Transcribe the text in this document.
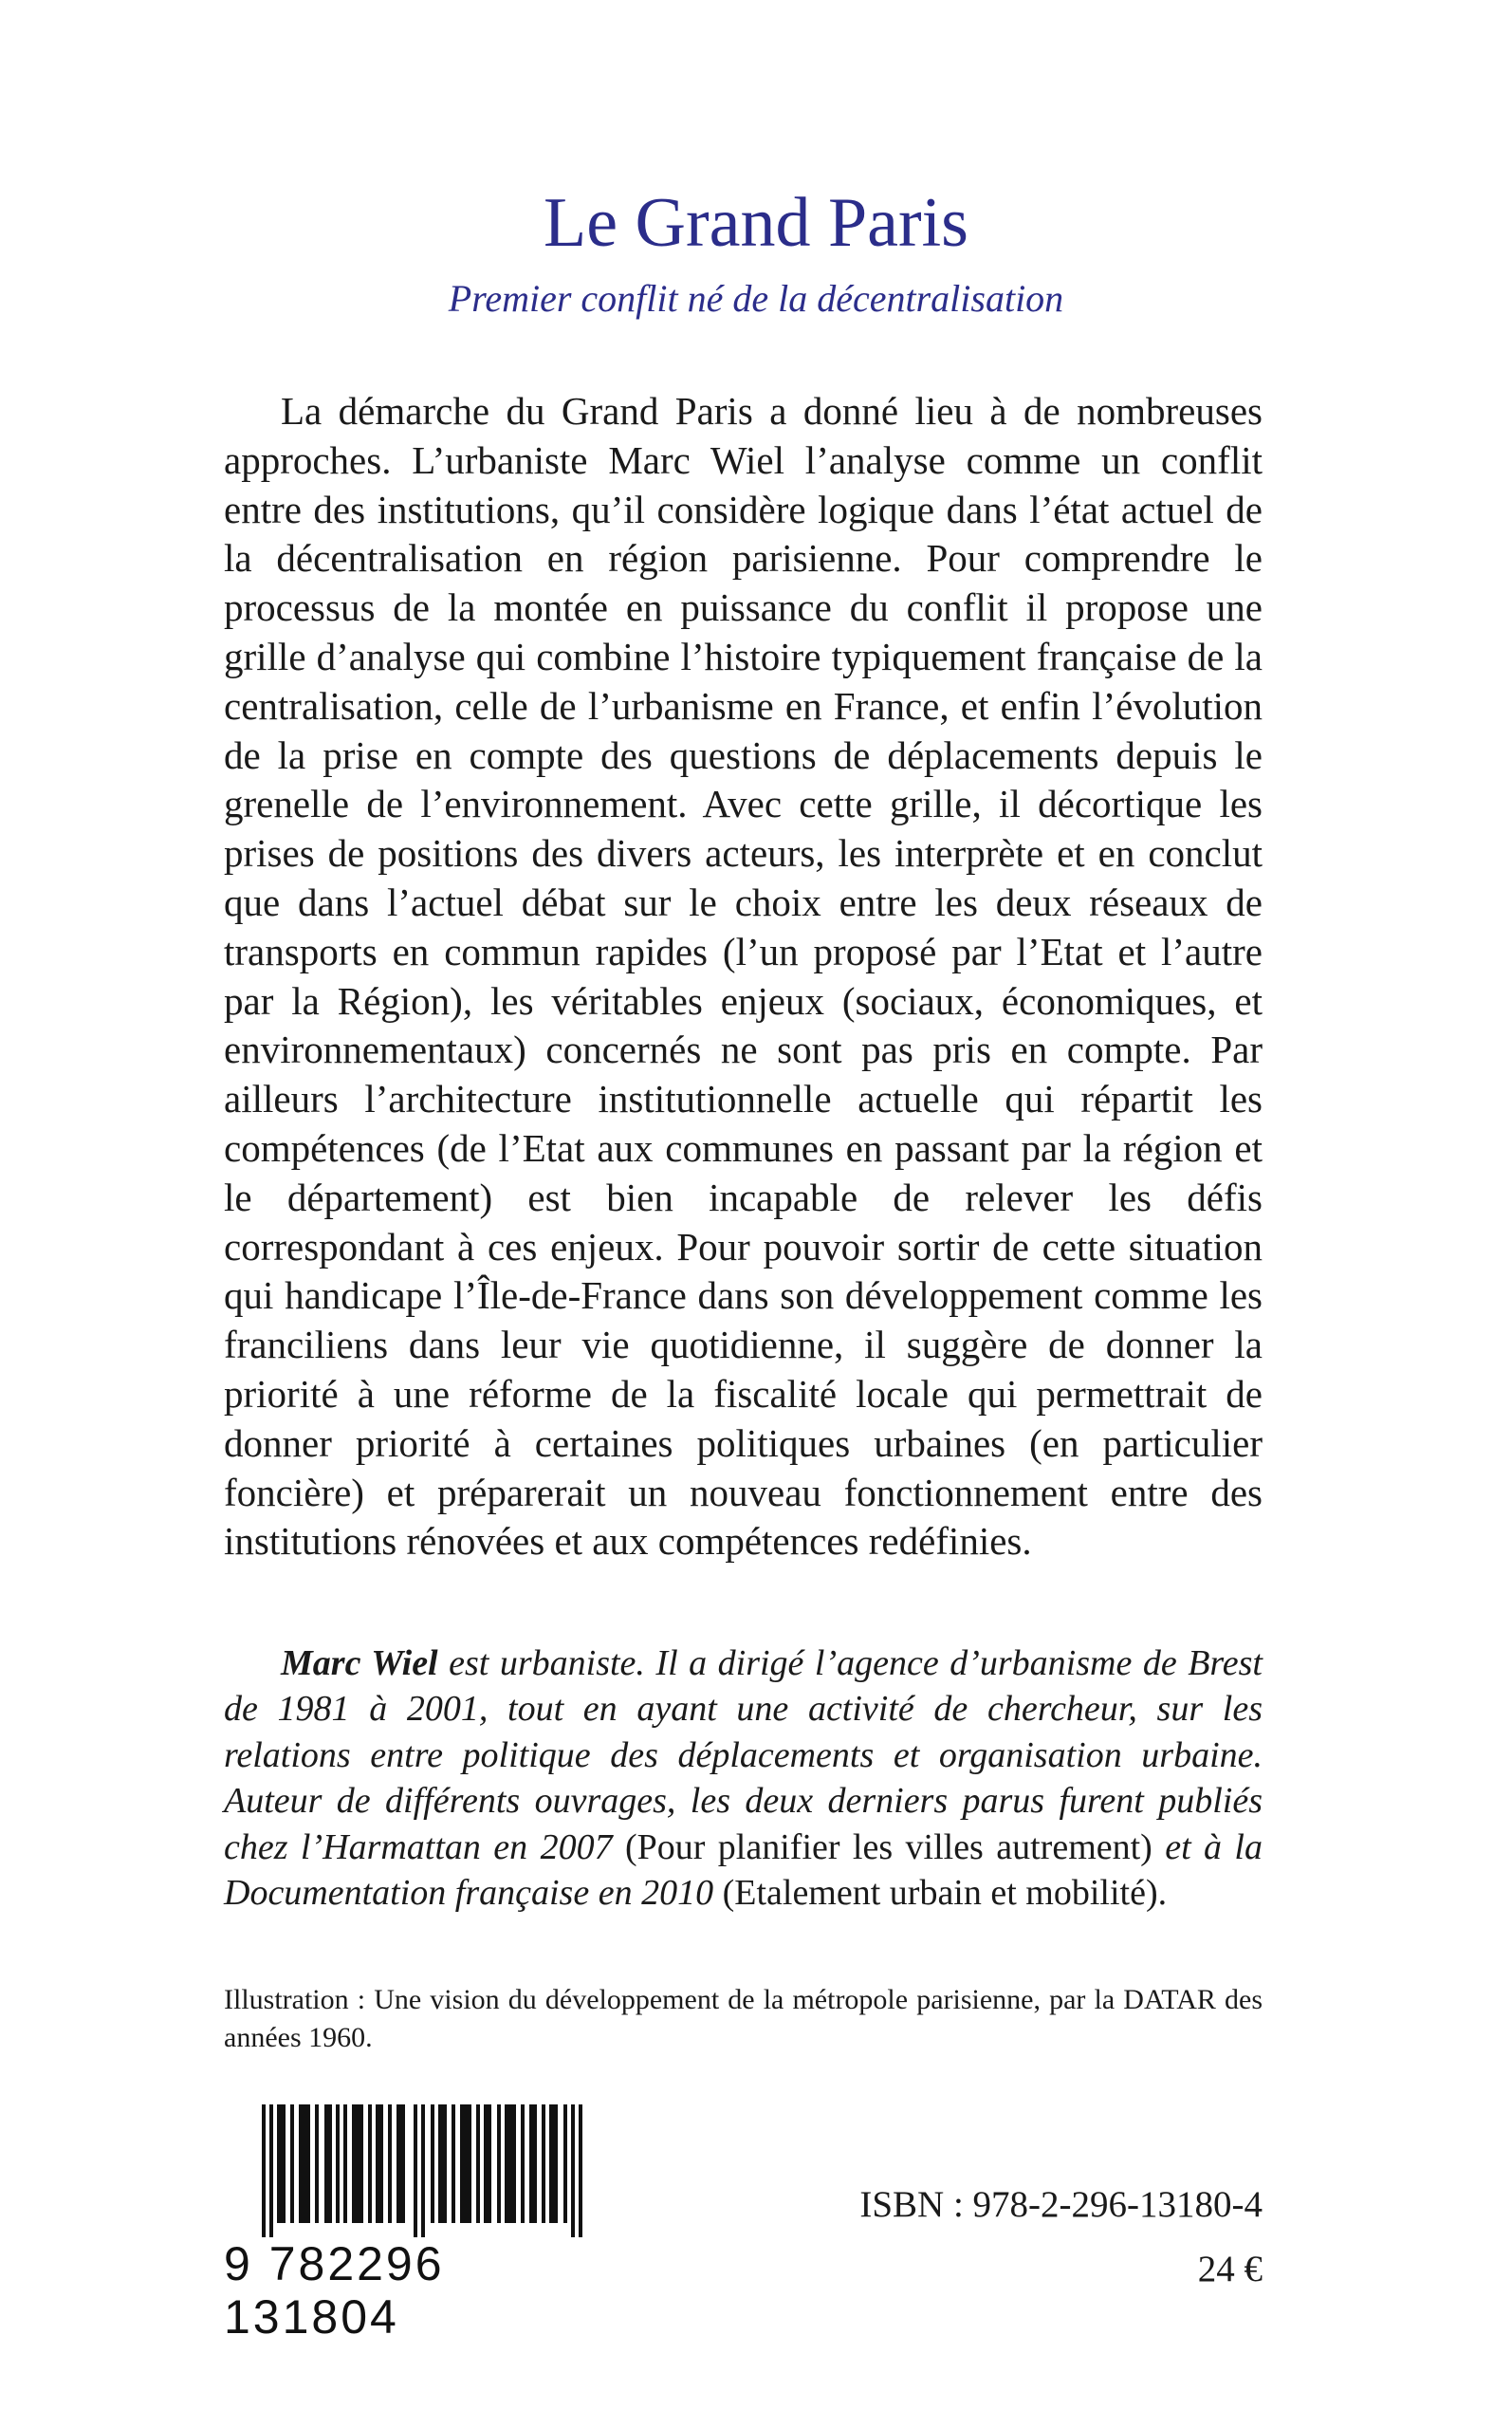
Le Grand Paris

Premier conflit né de la décentralisation

La démarche du Grand Paris a donné lieu à de nombreuses approches. L’urbaniste Marc Wiel l’analyse comme un conflit entre des institutions, qu’il considère logique dans l’état actuel de la décentralisation en région parisienne. Pour comprendre le processus de la montée en puissance du conflit il propose une grille d’analyse qui combine l’histoire typiquement française de la centralisation, celle de l’urbanisme en France, et enfin l’évolution de la prise en compte des questions de déplacements depuis le grenelle de l’environnement. Avec cette grille, il décortique les prises de positions des divers acteurs, les interprète et en conclut que dans l’actuel débat sur le choix entre les deux réseaux de transports en commun rapides (l’un proposé par l’Etat et l’autre par la Région), les véritables enjeux (sociaux, économiques, et environnementaux) concernés ne sont pas pris en compte. Par ailleurs l’architecture institutionnelle actuelle qui répartit les compétences (de l’Etat aux communes en passant par la région et le département) est bien incapable de relever les défis correspondant à ces enjeux. Pour pouvoir sortir de cette situation qui handicape l’Île-de-France dans son développement comme les franciliens dans leur vie quotidienne, il suggère de donner la priorité à une réforme de la fiscalité locale qui permettrait de donner priorité à certaines politiques urbaines (en particulier foncière) et préparerait un nouveau fonctionnement entre des institutions rénovées et aux compétences redéfinies.

Marc Wiel est urbaniste. Il a dirigé l’agence d’urbanisme de Brest de 1981 à 2001, tout en ayant une activité de chercheur, sur les relations entre politique des déplacements et organisation urbaine. Auteur de différents ouvrages, les deux derniers parus furent publiés chez l’Harmattan en 2007 (Pour planifier les villes autrement) et à la Documentation française en 2010 (Etalement urbain et mobilité).

Illustration : Une vision du développement de la métropole parisienne, par la DATAR des années 1960.

9 782296 131804

ISBN : 978-2-296-13180-4

24 €
